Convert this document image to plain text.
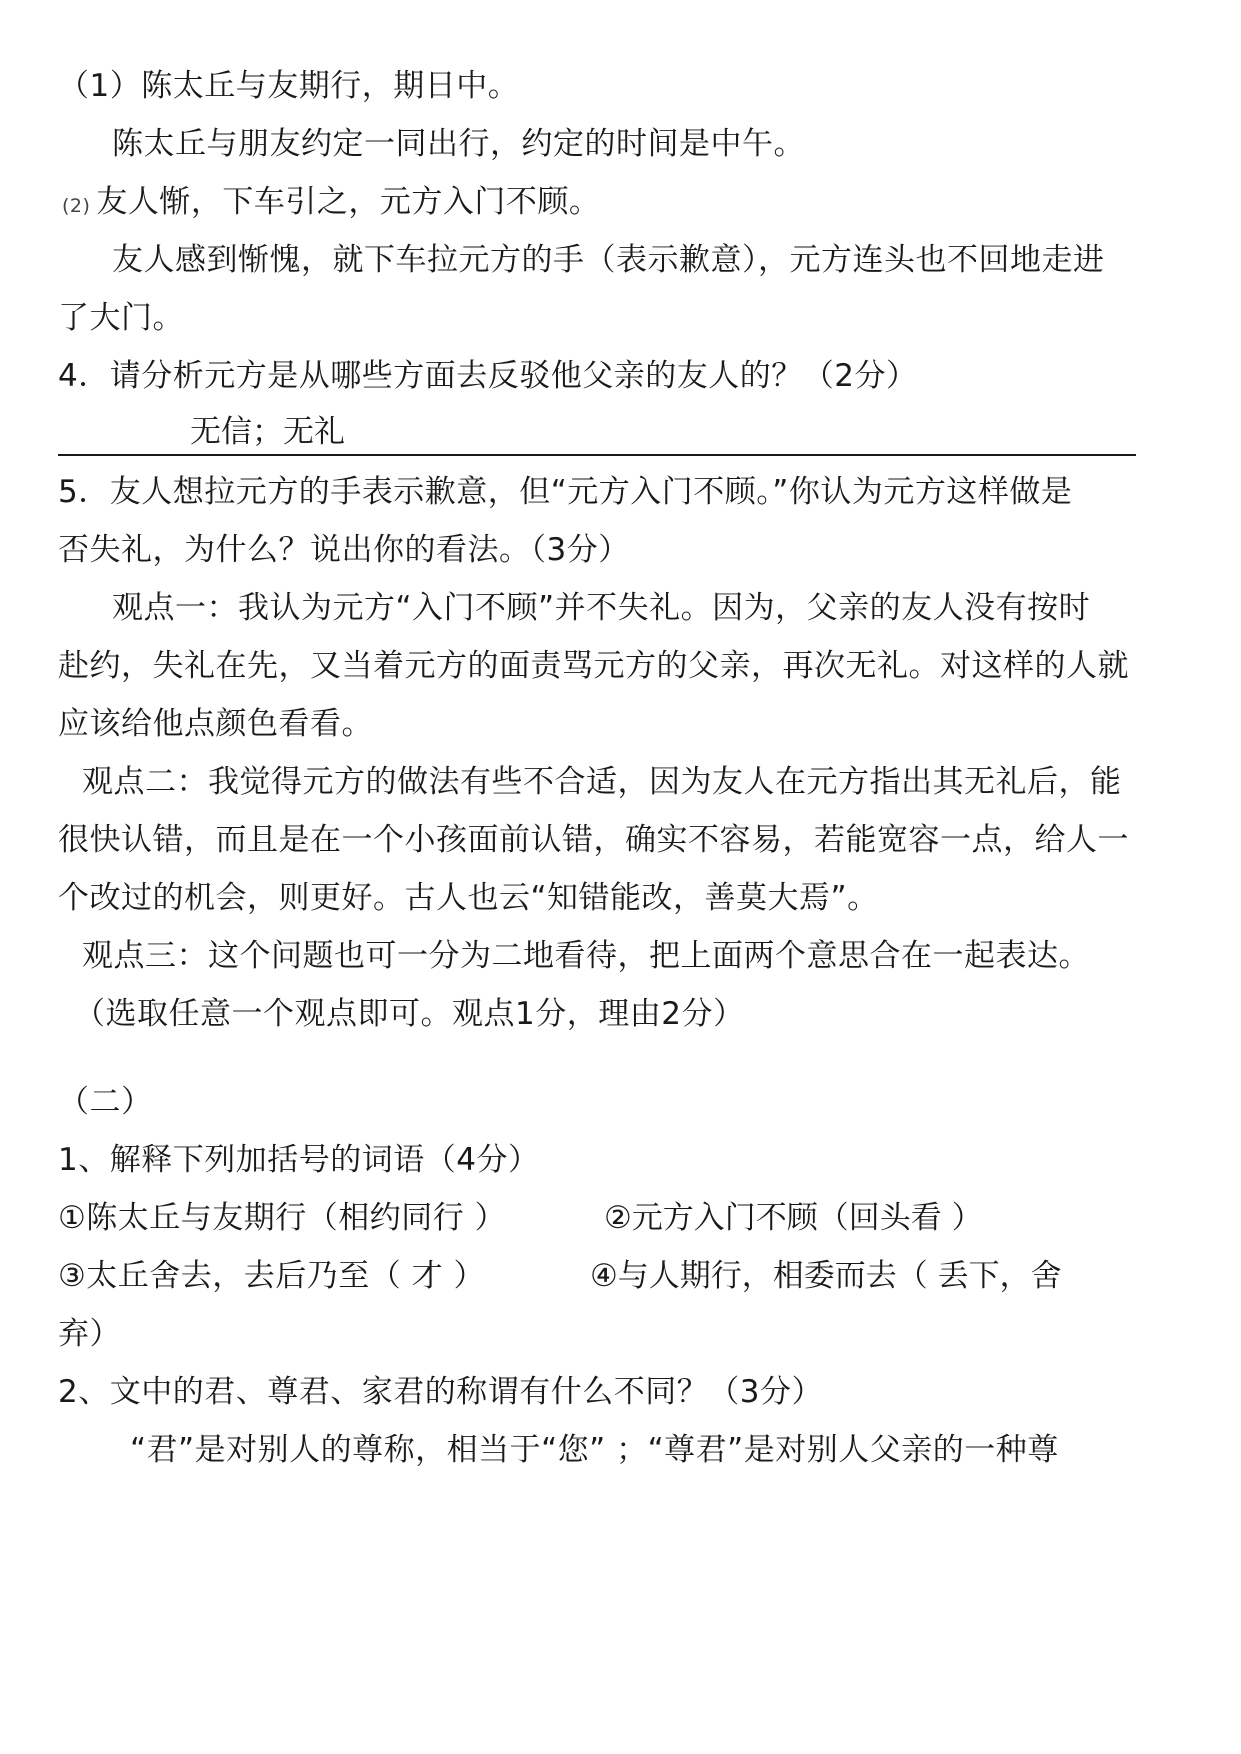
（1）陈太丘与友期行，期日中。
陈太丘与朋友约定一同出行，约定的时间是中午。
(2) 友人惭，下车引之，元方入门不顾。
友人感到惭愧，就下车拉元方的手（表示歉意），元方连头也不回地走进
了大门。
4．请分析元方是从哪些方面去反驳他父亲的友人的？（2分）
无信；无礼
5．友人想拉元方的手表示歉意，但“元方入门不顾。”你认为元方这样做是
否失礼，为什么？说出你的看法。（3分）
观点一：我认为元方“入门不顾”并不失礼。因为，父亲的友人没有按时
赴约，失礼在先，又当着元方的面责骂元方的父亲，再次无礼。对这样的人就
应该给他点颜色看看。
观点二：我觉得元方的做法有些不合适，因为友人在元方指出其无礼后，能
很快认错，而且是在一个小孩面前认错，确实不容易，若能宽容一点，给人一
个改过的机会，则更好。古人也云“知错能改，善莫大焉”。
观点三：这个问题也可一分为二地看待，把上面两个意思合在一起表达。
（选取任意一个观点即可。观点1分，理由2分）
（二）
1、解释下列加括号的词语（4分）
①陈太丘与友期行（相约同行 ）	②元方入门不顾（回头看 ）
③太丘舍去，去后乃至（ 才 ）	④与人期行，相委而去（ 丢下，舍
弃）
2、文中的君、尊君、家君的称谓有什么不同？（3分）
“君”是对别人的尊称，相当于“您” ；“尊君”是对别人父亲的一种尊
